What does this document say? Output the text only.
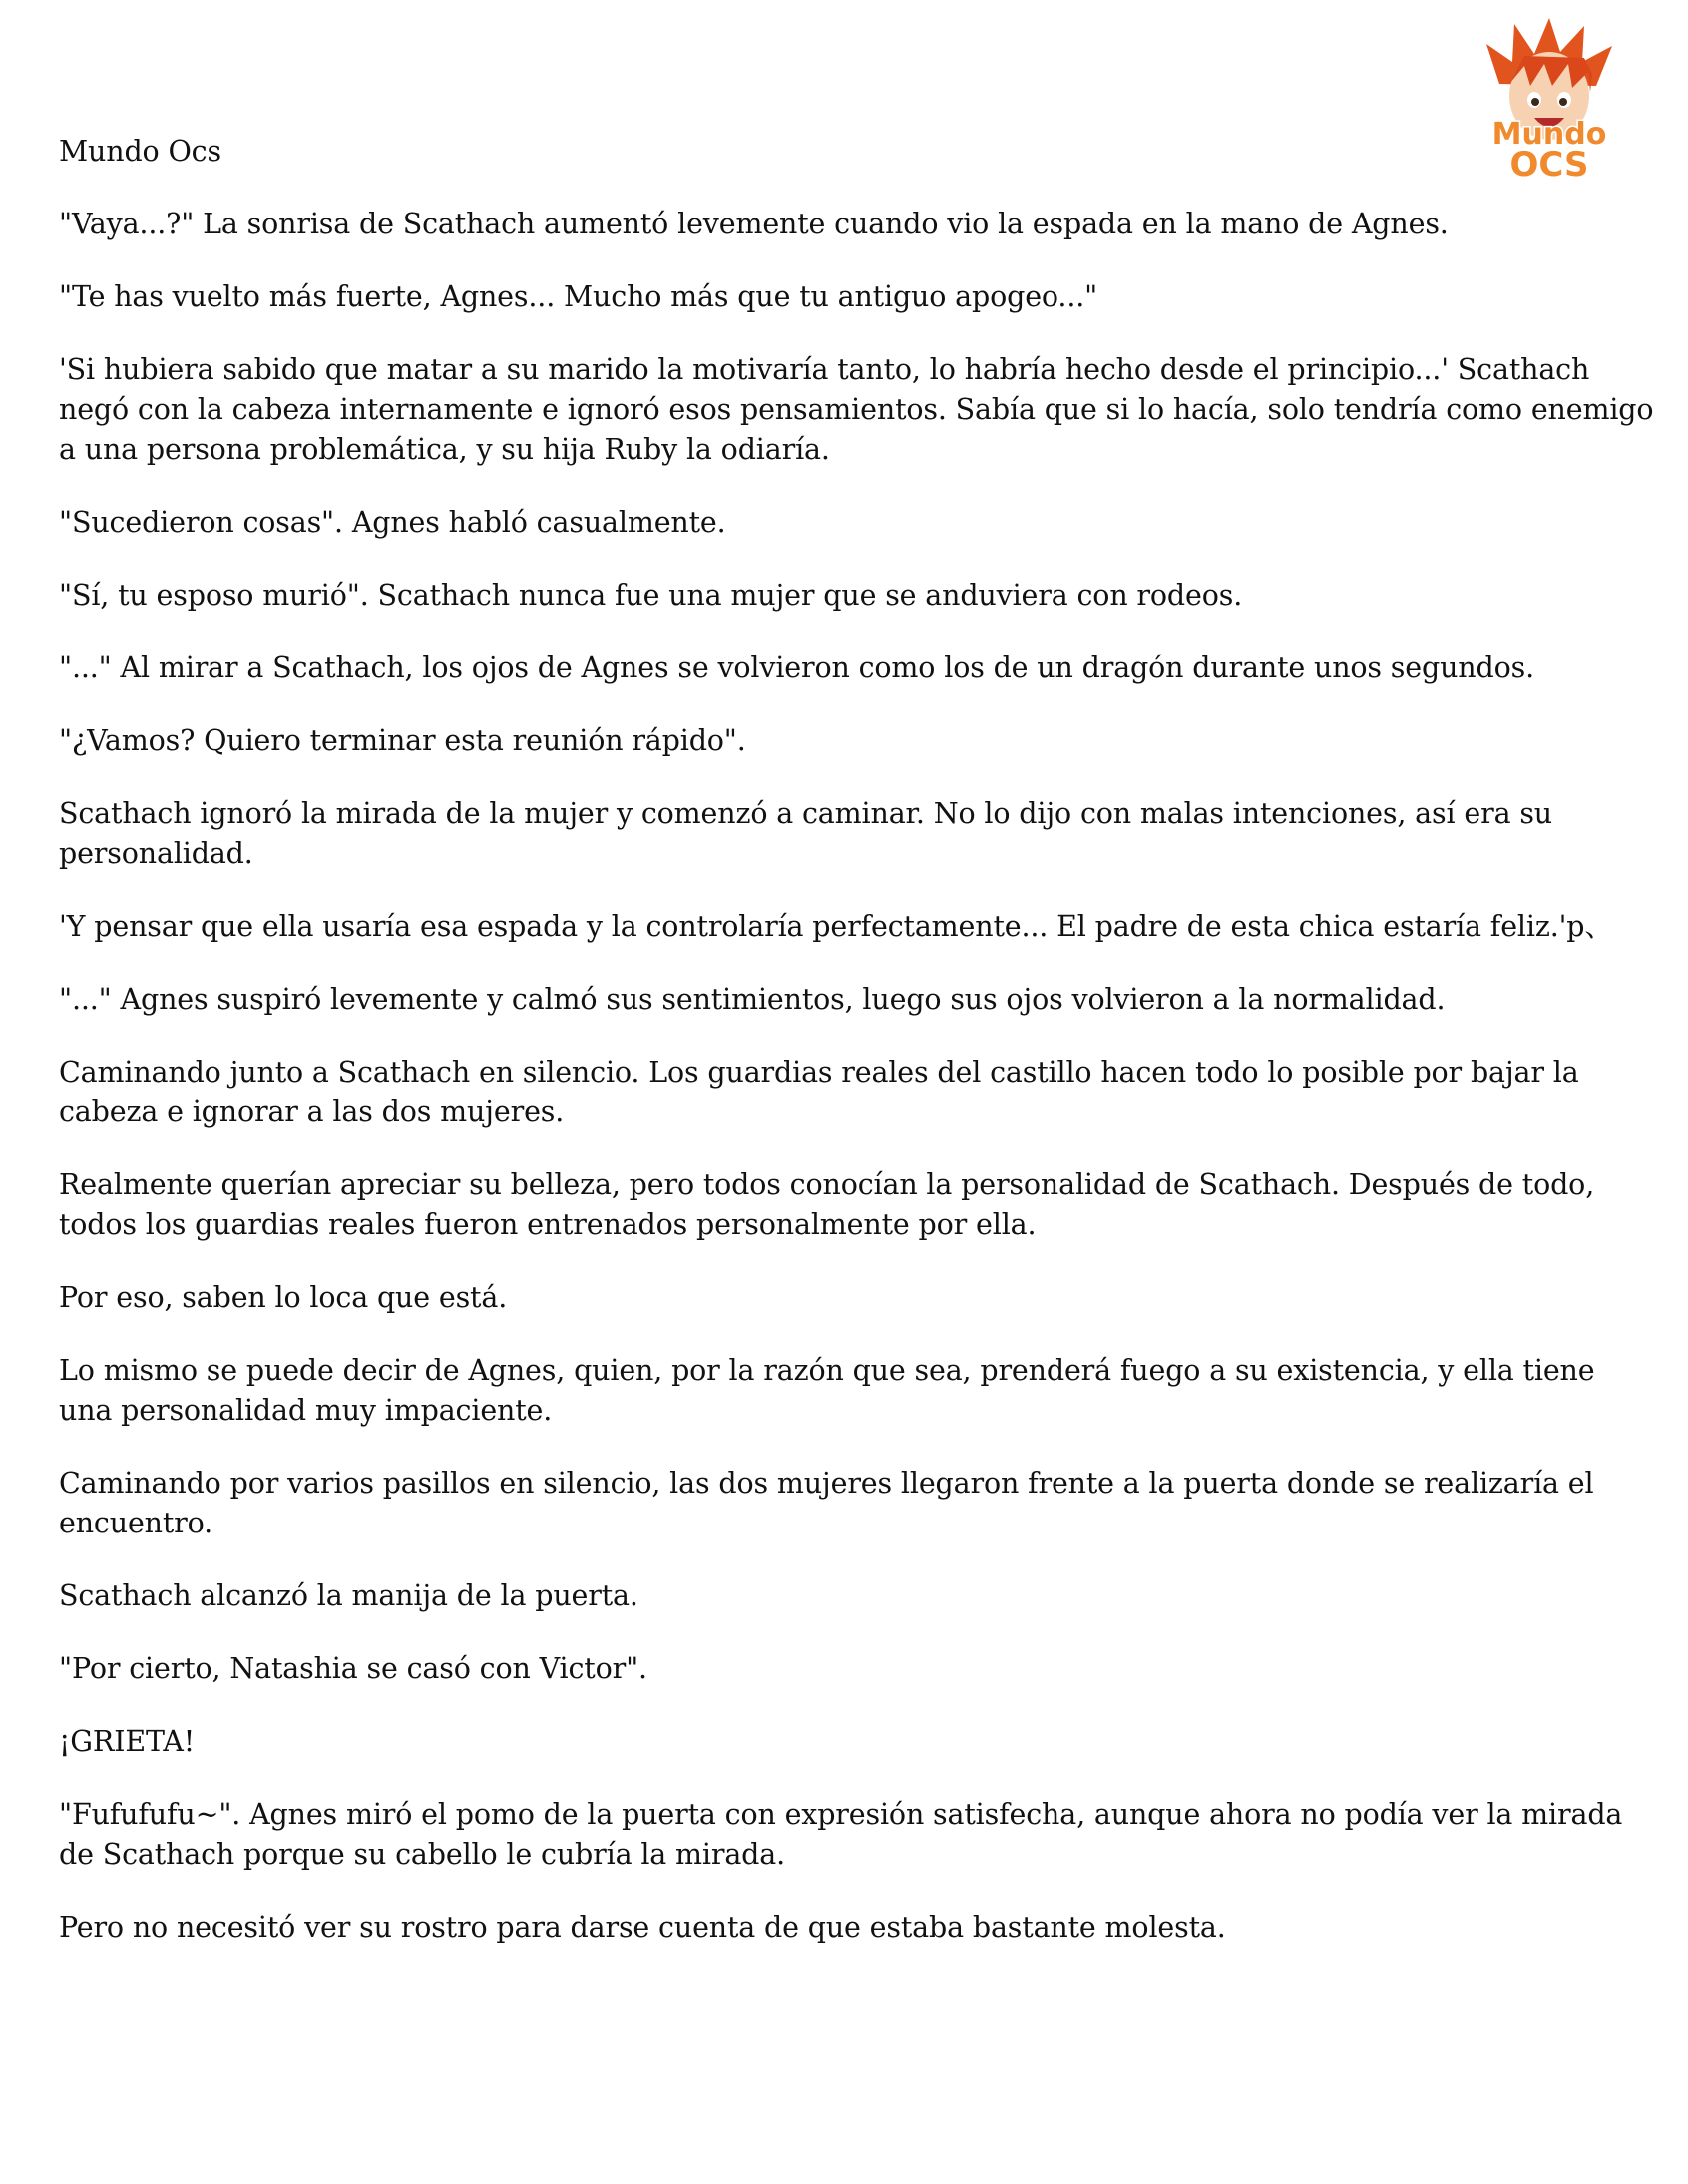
Mundo
OCS

Mundo Ocs

"Vaya...?" La sonrisa de Scathach aumentó levemente cuando vio la espada en la mano de Agnes.

"Te has vuelto más fuerte, Agnes... Mucho más que tu antiguo apogeo..."

'Si hubiera sabido que matar a su marido la motivaría tanto, lo habría hecho desde el principio...' Scathach negó con la cabeza internamente e ignoró esos pensamientos. Sabía que si lo hacía, solo tendría como enemigo a una persona problemática, y su hija Ruby la odiaría.

"Sucedieron cosas". Agnes habló casualmente.

"Sí, tu esposo murió". Scathach nunca fue una mujer que se anduviera con rodeos.

"..." Al mirar a Scathach, los ojos de Agnes se volvieron como los de un dragón durante unos segundos.

"¿Vamos? Quiero terminar esta reunión rápido".

Scathach ignoró la mirada de la mujer y comenzó a caminar. No lo dijo con malas intenciones, así era su personalidad.

'Y pensar que ella usaría esa espada y la controlaría perfectamente... El padre de esta chica estaría feliz.'p、

"..." Agnes suspiró levemente y calmó sus sentimientos, luego sus ojos volvieron a la normalidad.

Caminando junto a Scathach en silencio. Los guardias reales del castillo hacen todo lo posible por bajar la cabeza e ignorar a las dos mujeres.

Realmente querían apreciar su belleza, pero todos conocían la personalidad de Scathach. Después de todo, todos los guardias reales fueron entrenados personalmente por ella.

Por eso, saben lo loca que está.

Lo mismo se puede decir de Agnes, quien, por la razón que sea, prenderá fuego a su existencia, y ella tiene una personalidad muy impaciente.

Caminando por varios pasillos en silencio, las dos mujeres llegaron frente a la puerta donde se realizaría el encuentro.

Scathach alcanzó la manija de la puerta.

"Por cierto, Natashia se casó con Victor".

¡GRIETA!

"Fufufufu~". Agnes miró el pomo de la puerta con expresión satisfecha, aunque ahora no podía ver la mirada de Scathach porque su cabello le cubría la mirada.

Pero no necesitó ver su rostro para darse cuenta de que estaba bastante molesta.
